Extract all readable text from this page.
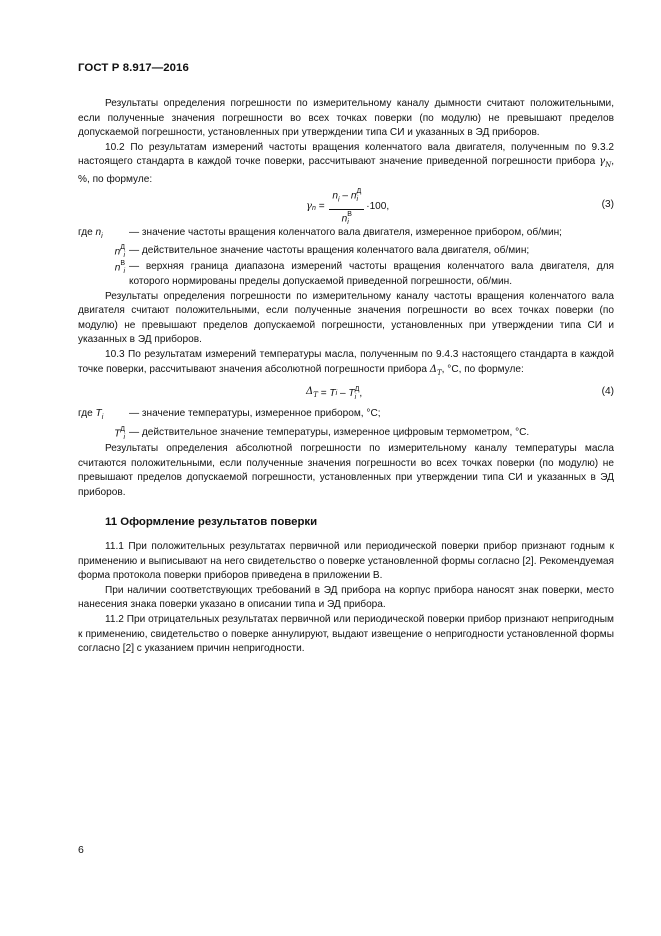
ГОСТ Р 8.917—2016

Результаты определения погрешности по измерительному каналу дымности считают положительными, если полученные значения погрешности во всех точках поверки (по модулю) не превышают пределов допускаемой погрешности, установленных при утверждении типа СИ и указанных в ЭД приборов.

10.2 По результатам измерений частоты вращения коленчатого вала двигателя, полученным по 9.3.2 настоящего стандарта в каждой точке поверки, рассчитывают значение приведенной погрешности прибора $\gamma_N$, %, по формуле:

γ $_n = n_i - n$ Д
i
n В
i ·100,	(3)
где $n_i$	— значение частоты вращения коленчатого вала двигателя, измеренное прибором, об/мин;
n Д
i — действительное значение частоты вращения коленчатого вала двигателя, об/мин;
n В
i — верхняя граница диапазона измерений частоты вращения коленчатого вала двигателя, для которого нормированы пределы допускаемой приведенной погрешности, об/мин.

Результаты определения погрешности по измерительному каналу частоты вращения коленчатого вала двигателя считают положительными, если полученные значения погрешности во всех точках поверки (по модулю) не превышают пределов допускаемой погрешности, установленных при утверждении типа СИ и указанных в ЭД приборов.

10.3 По результатам измерений температуры масла, полученным по 9.4.3 настоящего стандарта в каждой точке поверки, рассчитывают значения абсолютной погрешности прибора $\Delta_T$, °С, по формуле:

$\Delta_T = T$ i – T Д
i ,	(4)
где $T_i$	— значение температуры, измеренное прибором, °С;
T Д
i — действительное значение температуры, измеренное цифровым термометром, °С.

Результаты определения абсолютной погрешности по измерительному каналу температуры масла считаются положительными, если полученные значения погрешности во всех точках поверки (по модулю) не превышают пределов допускаемой погрешности, установленных при утверждении типа СИ и указанных в ЭД приборов.

11 Оформление результатов поверки

11.1 При положительных результатах первичной или периодической поверки прибор признают годным к применению и выписывают на него свидетельство о поверке установленной формы согласно [2]. Рекомендуемая форма протокола поверки приборов приведена в приложении В.

При наличии соответствующих требований в ЭД прибора на корпус прибора наносят знак поверки, место нанесения знака поверки указано в описании типа и ЭД прибора.

11.2 При отрицательных результатах первичной или периодической поверки прибор признают непригодным к применению, свидетельство о поверке аннулируют, выдают извещение о непригодности установленной формы согласно [2] с указанием причин непригодности.

6
